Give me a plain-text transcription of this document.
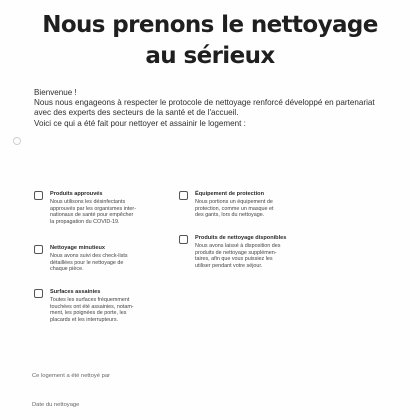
Nous prenons le nettoyage
au sérieux
Bienvenue !
Nous nous engageons à respecter le protocole de nettoyage renforcé développé en partenariat
avec des experts des secteurs de la santé et de l'accueil.
Voici ce qui a été fait pour nettoyer et assainir le logement :
Produits approuvés
Nous utilisons les désinfectants
approuvés par les organismes inter-
nationaux de santé pour empêcher
la propagation du COVID-19.
Nettoyage minutieux
Nous avons suivi des check-lists
détaillées pour le nettoyage de
chaque pièce.
Surfaces assainies
Toutes les surfaces fréquemment
touchées ont été assainies, notam-
ment, les poignées de porte, les
placards et les interrupteurs.
Équipement de protection
Nous portions un équipement de
protection, comme un masque et
des gants, lors du nettoyage.
Produits de nettoyage disponibles
Nous avons laissé à disposition des
produits de nettoyage supplémen-
taires, afin que vous puissiez les
utiliser pendant votre séjour.
Ce logement a été nettoyé par
Date du nettoyage
